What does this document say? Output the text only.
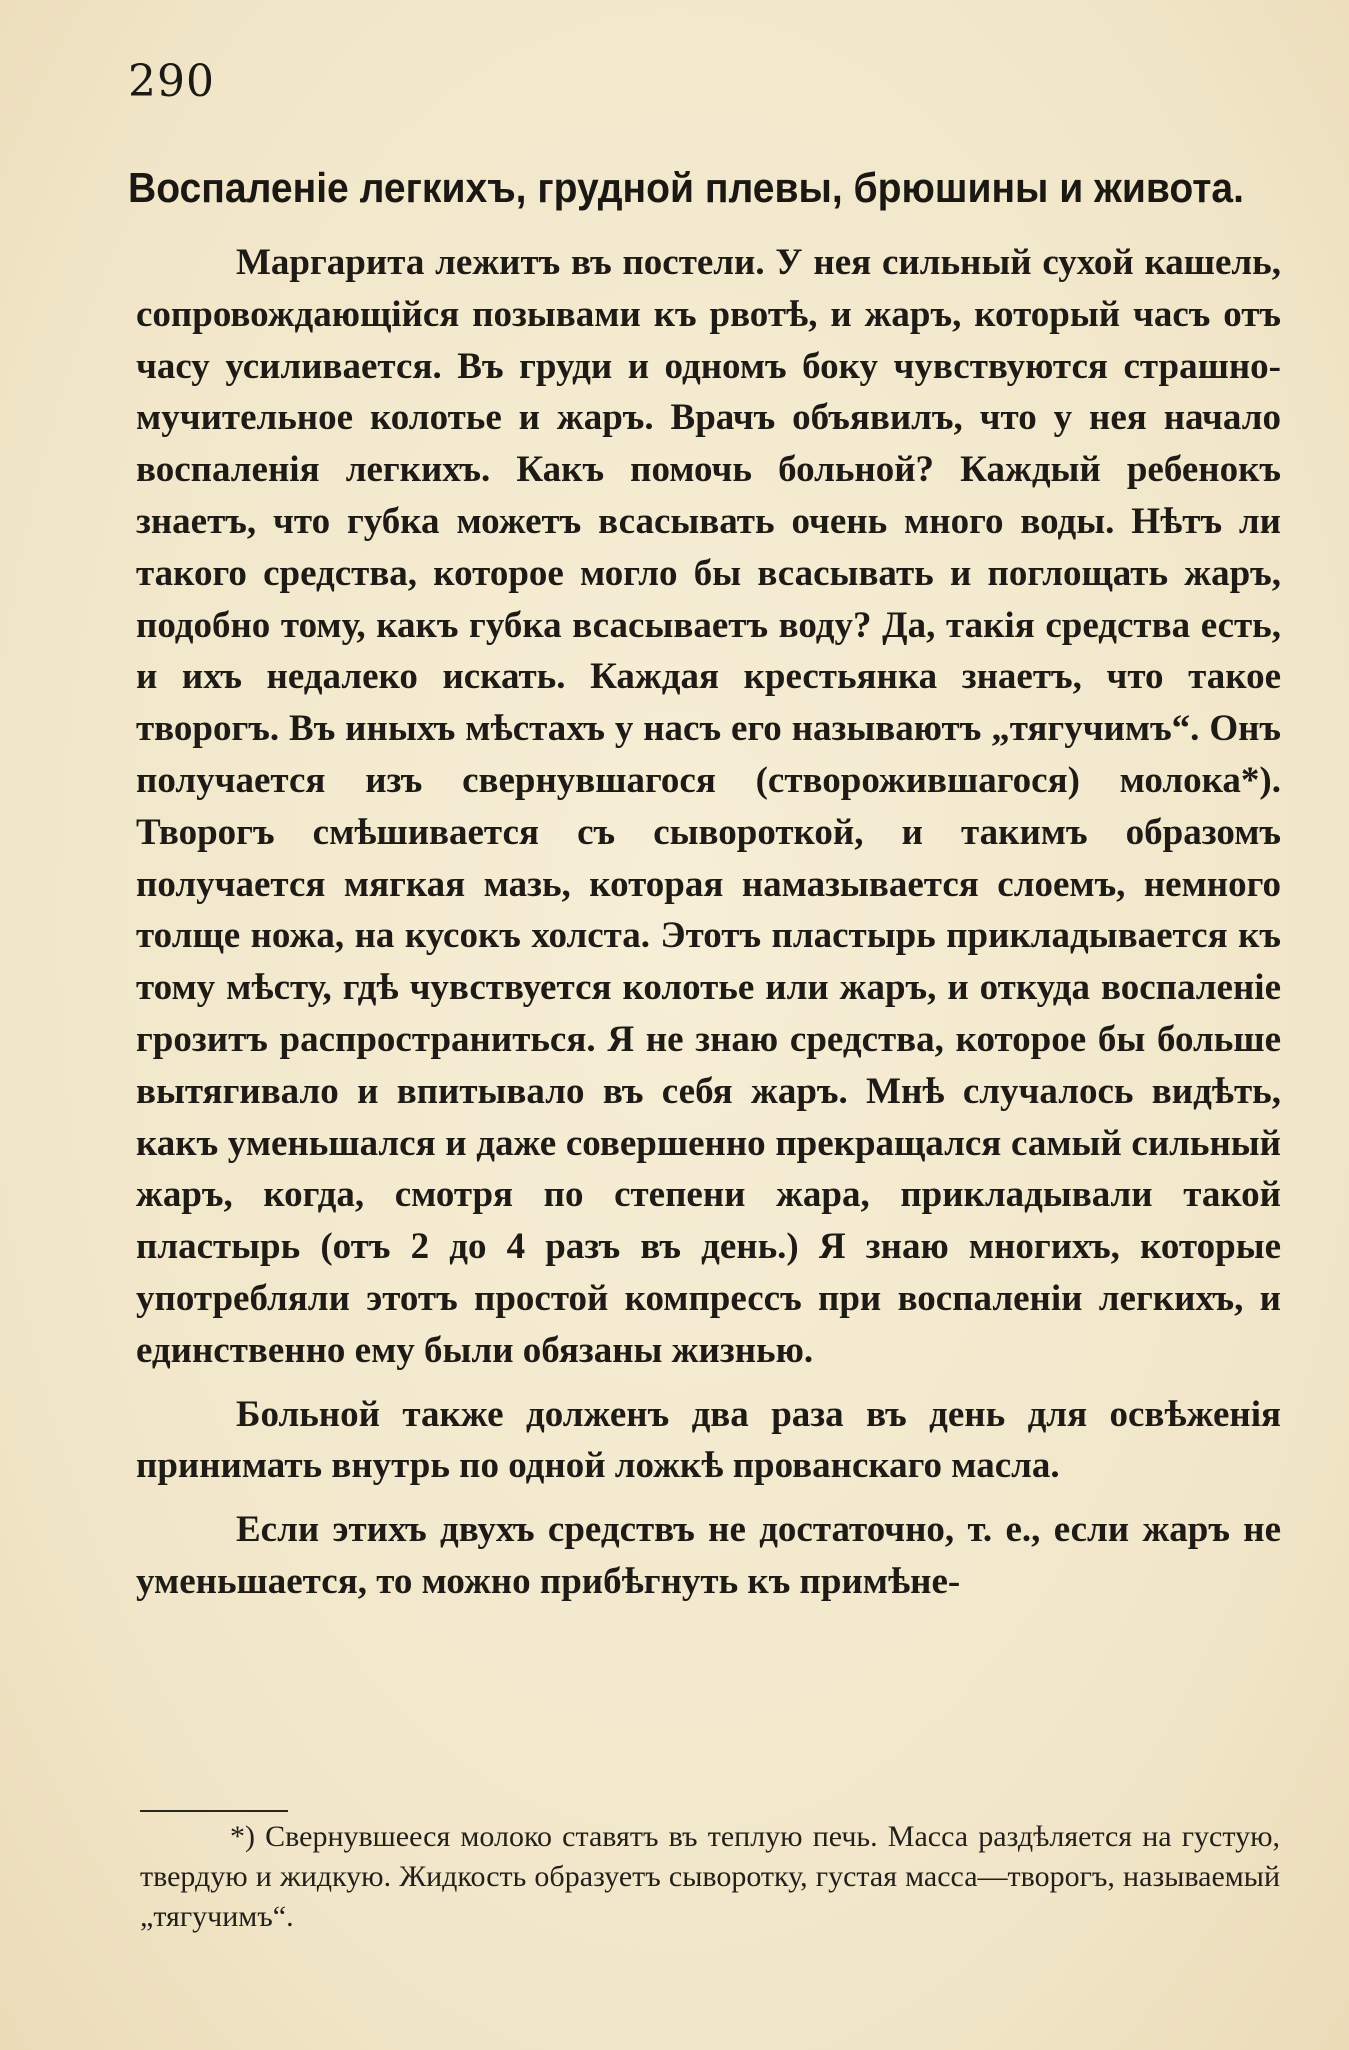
290
Воспаленіе легкихъ, грудной плевы, брюшины и живота.

Маргарита лежитъ въ постели. У нея сильный сухой кашель, сопровождающійся позывами къ рвотѣ, и жаръ, который часъ отъ часу усиливается. Въ груди и одномъ боку чувствуются страшно-мучительное колотье и жаръ. Врачъ объявилъ, что у нея начало воспаленія легкихъ. Какъ помочь больной? Каждый ребенокъ знаетъ, что губка можетъ всасывать очень много воды. Нѣтъ ли такого средства, которое могло бы всасывать и поглощать жаръ, подобно тому, какъ губка всасываетъ воду? Да, такія средства есть, и ихъ недалеко искать. Каждая крестьянка знаетъ, что такое творогъ. Въ иныхъ мѣстахъ у насъ его называютъ „тягучимъ“. Онъ получается изъ свернувшагося (створожившагося) молока*). Творогъ смѣшивается съ сывороткой, и такимъ образомъ получается мягкая мазь, которая намазывается слоемъ, немного толще ножа, на кусокъ холста. Этотъ пластырь прикладывается къ тому мѣсту, гдѣ чувствуется колотье или жаръ, и откуда воспаленіе грозитъ распространиться. Я не знаю средства, которое бы больше вытягивало и впитывало въ себя жаръ. Мнѣ случалось видѣть, какъ уменьшался и даже совершенно прекращался самый сильный жаръ, когда, смотря по степени жара, прикладывали такой пластырь (отъ 2 до 4 разъ въ день.) Я знаю многихъ, которые употребляли этотъ простой компрессъ при воспаленіи легкихъ, и единственно ему были обязаны жизнью.

Больной также долженъ два раза въ день для освѣженія принимать внутрь по одной ложкѣ прованскаго масла.

Если этихъ двухъ средствъ не достаточно, т. е., если жаръ не уменьшается, то можно прибѣгнуть къ примѣне-

*) Свернувшееся молоко ставятъ въ теплую печь. Масса раздѣляется на густую, твердую и жидкую. Жидкость образуетъ сыворотку, густая масса—творогъ, называемый „тягучимъ“.
